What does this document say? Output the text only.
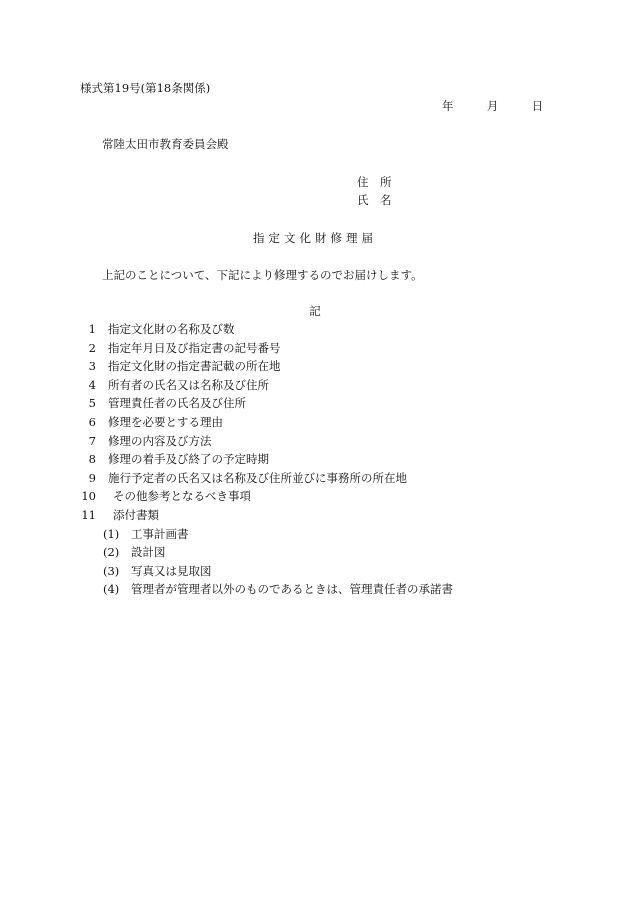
様式第19号(第18条関係)
年	月	日
常陸太田市教育委員会殿
住　所
氏　名
指定文化財修理届
上記のことについて、下記により修理するのでお届けします。
記
1 指定文化財の名称及び数
2 指定年月日及び指定書の記号番号
3 指定文化財の指定書記載の所在地
4 所有者の氏名又は名称及び住所
5 管理責任者の氏名及び住所
6 修理を必要とする理由
7 修理の内容及び方法
8 修理の着手及び終了の予定時期
9 施行予定者の氏名又は名称及び住所並びに事務所の所在地
10 その他参考となるべき事項
11 添付書類
(1) 工事計画書
(2) 設計図
(3) 写真又は見取図
(4) 管理者が管理者以外のものであるときは、管理責任者の承諾書
